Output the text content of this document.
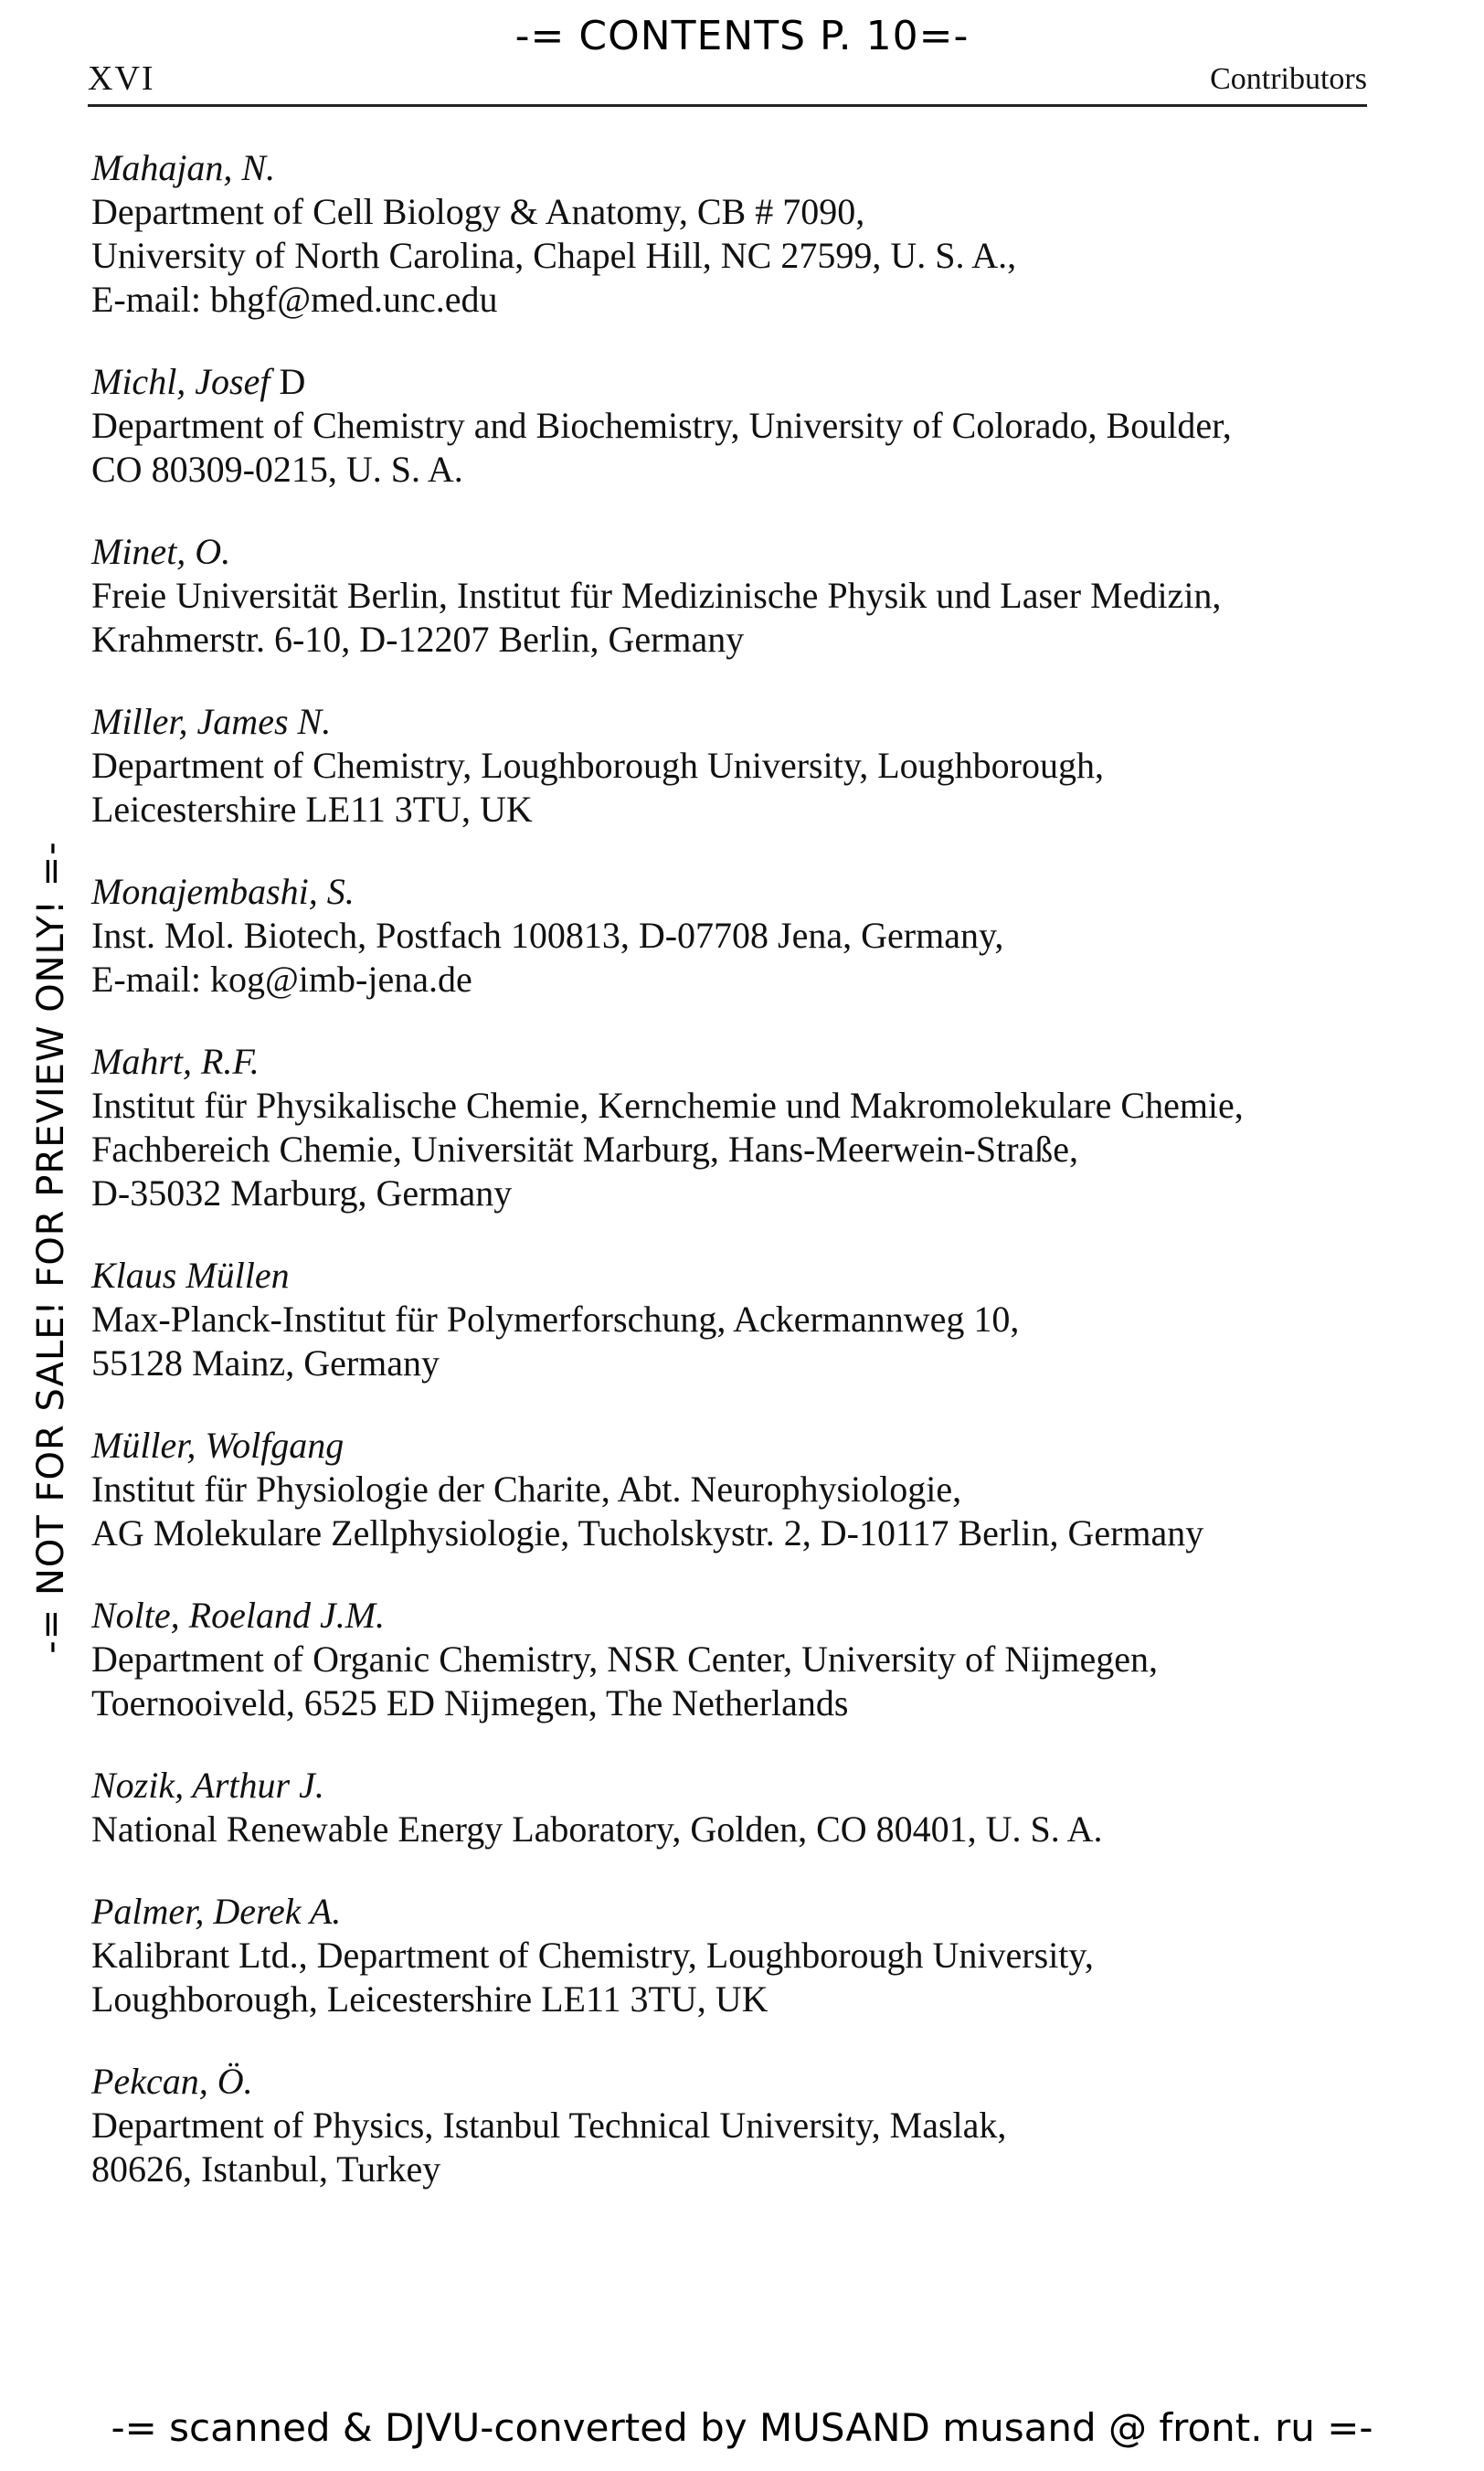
-= CONTENTS P. 10=-
XVI	Contributors
-= NOT FOR SALE! FOR PREVIEW ONLY! =-
Mahajan, N.
Department of Cell Biology & Anatomy, CB # 7090,
University of North Carolina, Chapel Hill, NC 27599, U. S. A.,
E-mail: bhgf@med.unc.edu
Michl, Josef D
Department of Chemistry and Biochemistry, University of Colorado, Boulder,
CO 80309-0215, U. S. A.
Minet, O.
Freie Universität Berlin, Institut für Medizinische Physik und Laser Medizin,
Krahmerstr. 6-10, D-12207 Berlin, Germany
Miller, James N.
Department of Chemistry, Loughborough University, Loughborough,
Leicestershire LE11 3TU, UK
Monajembashi, S.
Inst. Mol. Biotech, Postfach 100813, D-07708 Jena, Germany,
E-mail: kog@imb-jena.de
Mahrt, R.F.
Institut für Physikalische Chemie, Kernchemie und Makromolekulare Chemie,
Fachbereich Chemie, Universität Marburg, Hans-Meerwein-Straße,
D-35032 Marburg, Germany
Klaus Müllen
Max-Planck-Institut für Polymerforschung, Ackermannweg 10,
55128 Mainz, Germany
Müller, Wolfgang
Institut für Physiologie der Charite, Abt. Neurophysiologie,
AG Molekulare Zellphysiologie, Tucholskystr. 2, D-10117 Berlin, Germany
Nolte, Roeland J.M.
Department of Organic Chemistry, NSR Center, University of Nijmegen,
Toernooiveld, 6525 ED Nijmegen, The Netherlands
Nozik, Arthur J.
National Renewable Energy Laboratory, Golden, CO 80401, U. S. A.
Palmer, Derek A.
Kalibrant Ltd., Department of Chemistry, Loughborough University,
Loughborough, Leicestershire LE11 3TU, UK
Pekcan, Ö.
Department of Physics, Istanbul Technical University, Maslak,
80626, Istanbul, Turkey
-= scanned & DJVU-converted by MUSAND musand @ front. ru =-
